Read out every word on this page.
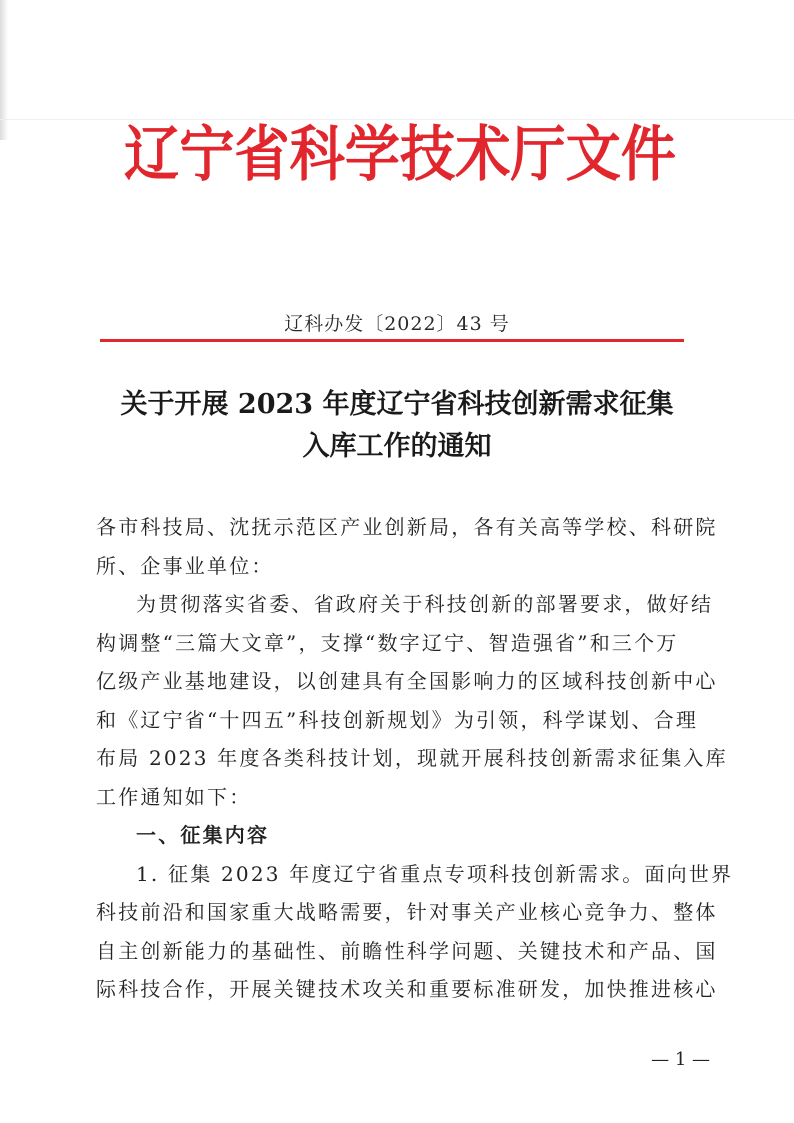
辽宁省科学技术厅文件
辽科办发〔2022〕43 号
关于开展 2023 年度辽宁省科技创新需求征集
入库工作的通知

各市科技局、沈抚示范区产业创新局，各有关高等学校、科研院

所、企事业单位：

为贯彻落实省委、省政府关于科技创新的部署要求，做好结

构调整“三篇大文章”，支撑“数字辽宁、智造强省”和三个万

亿级产业基地建设，以创建具有全国影响力的区域科技创新中心

和《辽宁省“十四五”科技创新规划》为引领，科学谋划、合理

布局 2023 年度各类科技计划，现就开展科技创新需求征集入库

工作通知如下：

一、征集内容

1. 征集 2023 年度辽宁省重点专项科技创新需求。面向世界

科技前沿和国家重大战略需要，针对事关产业核心竞争力、整体

自主创新能力的基础性、前瞻性科学问题、关键技术和产品、国

际科技合作，开展关键技术攻关和重要标准研发，加快推进核心

— 1 —
